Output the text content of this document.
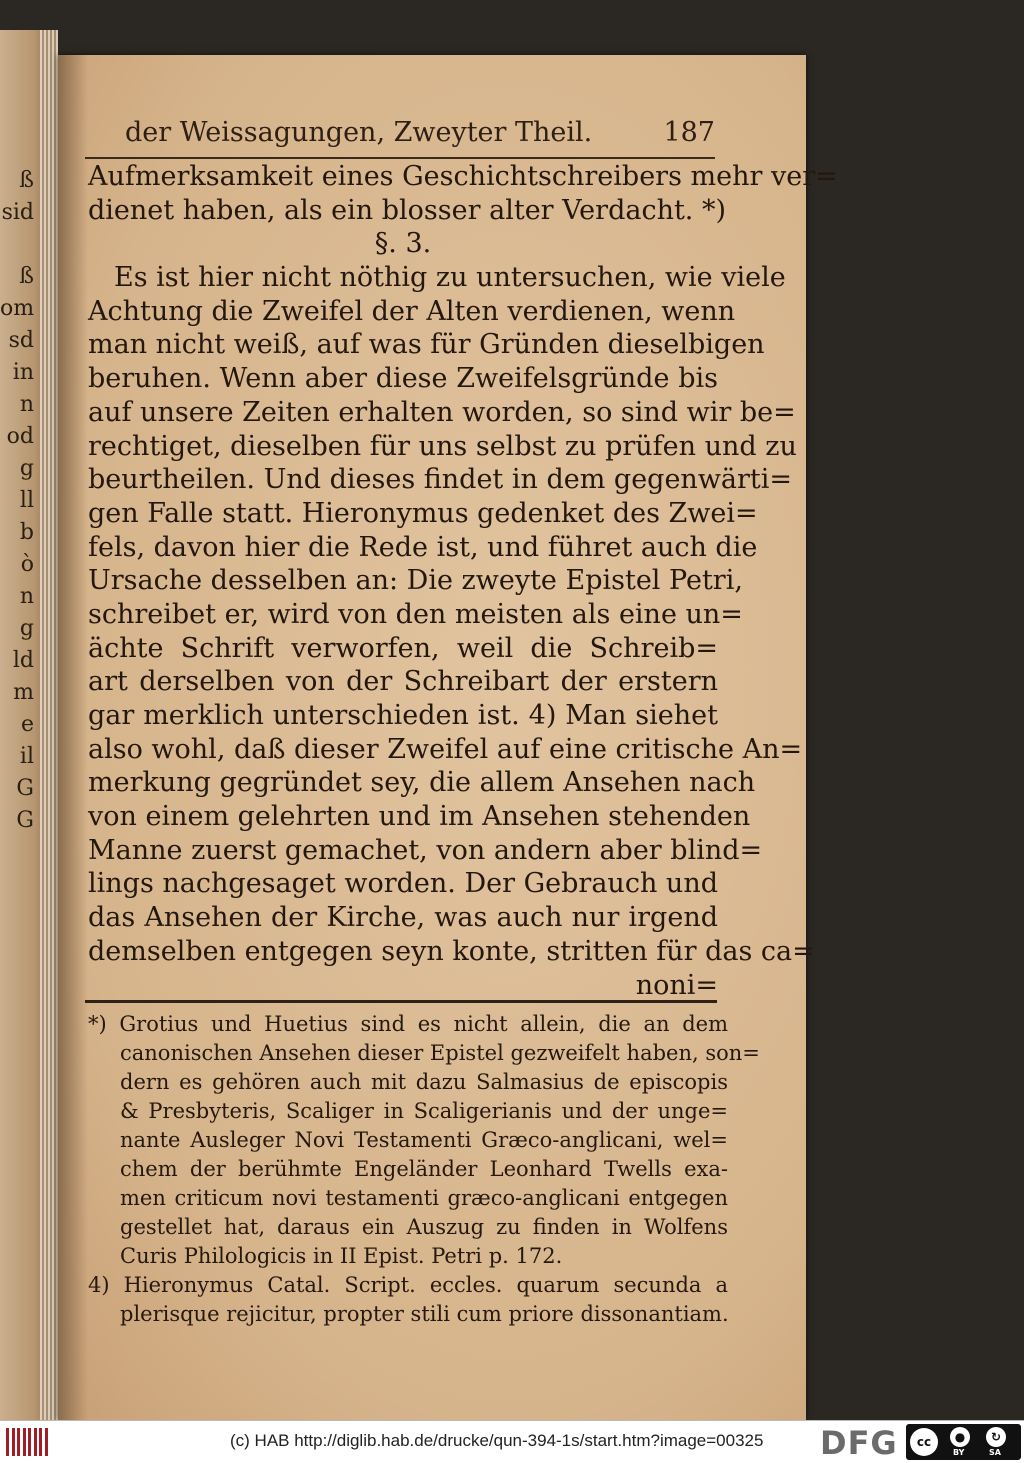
ß
sid
ß
om
sd
in
n
od
g
ll
b
ò
n
g
ld
m
e
il
G
G
der Weissagungen, Zweyter Theil.	187
Aufmerksamkeit eines Geschichtschreibers mehr ver=
dienet haben, als ein blosser alter Verdacht. *)
§. 3.
Es ist hier nicht nöthig zu untersuchen, wie viele
Achtung die Zweifel der Alten verdienen, wenn
man nicht weiß, auf was für Gründen dieselbigen
beruhen. Wenn aber diese Zweifelsgründe bis
auf unsere Zeiten erhalten worden, so sind wir be=
rechtiget, dieselben für uns selbst zu prüfen und zu
beurtheilen. Und dieses findet in dem gegenwärti=
gen Falle statt. Hieronymus gedenket des Zwei=
fels, davon hier die Rede ist, und führet auch die
Ursache desselben an: Die zweyte Epistel Petri,
schreibet er, wird von den meisten als eine un=
ächte Schrift verworfen, weil die Schreib=
art derselben von der Schreibart der erstern
gar merklich unterschieden ist. 4) Man siehet
also wohl, daß dieser Zweifel auf eine critische An=
merkung gegründet sey, die allem Ansehen nach
von einem gelehrten und im Ansehen stehenden
Manne zuerst gemachet, von andern aber blind=
lings nachgesaget worden. Der Gebrauch und
das Ansehen der Kirche, was auch nur irgend
demselben entgegen seyn konte, stritten für das ca=
noni=
*) Grotius und Huetius sind es nicht allein, die an dem
canonischen Ansehen dieser Epistel gezweifelt haben, son=
dern es gehören auch mit dazu Salmasius de episcopis
& Presbyteris, Scaliger in Scaligerianis und der unge=
nante Ausleger Novi Testamenti Græco-anglicani, wel=
chem der berühmte Engeländer Leonhard Twells exa-
men criticum novi testamenti græco-anglicani entgegen
gestellet hat, daraus ein Auszug zu finden in Wolfens
Curis Philologicis in II Epist. Petri p. 172.
4) Hieronymus Catal. Script. eccles. quarum secunda a
plerisque rejicitur, propter stili cum priore dissonantiam.
(c) HAB http://diglib.hab.de/drucke/qun-394-1s/start.htm?image=00325 DFG	cc	●	↻
BY	SA
